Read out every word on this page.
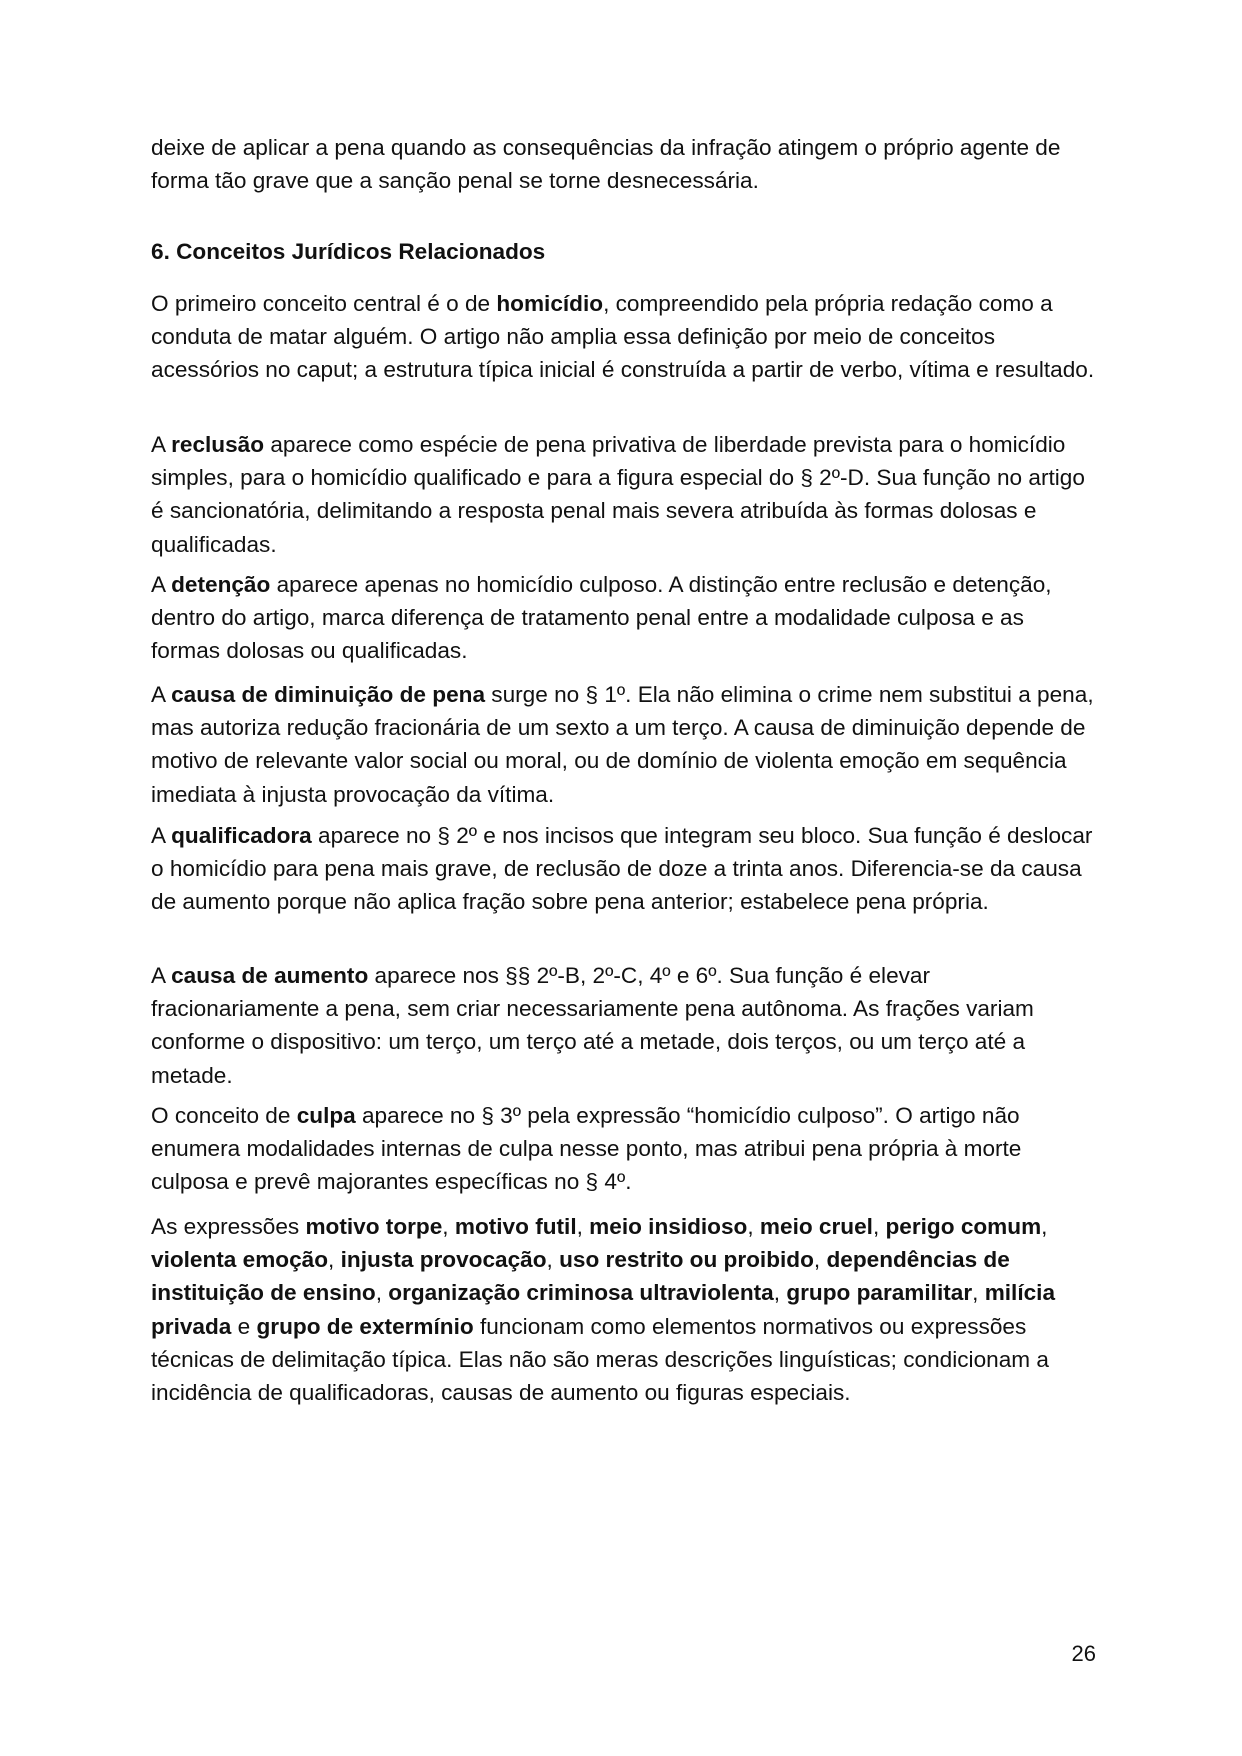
deixe de aplicar a pena quando as consequências da infração atingem o próprio agente de forma tão grave que a sanção penal se torne desnecessária.

6. Conceitos Jurídicos Relacionados

O primeiro conceito central é o de homicídio, compreendido pela própria redação como a conduta de matar alguém. O artigo não amplia essa definição por meio de conceitos acessórios no caput; a estrutura típica inicial é construída a partir de verbo, vítima e resultado.

A reclusão aparece como espécie de pena privativa de liberdade prevista para o homicídio simples, para o homicídio qualificado e para a figura especial do § 2º-D. Sua função no artigo é sancionatória, delimitando a resposta penal mais severa atribuída às formas dolosas e qualificadas.

A detenção aparece apenas no homicídio culposo. A distinção entre reclusão e detenção, dentro do artigo, marca diferença de tratamento penal entre a modalidade culposa e as formas dolosas ou qualificadas.

A causa de diminuição de pena surge no § 1º. Ela não elimina o crime nem substitui a pena, mas autoriza redução fracionária de um sexto a um terço. A causa de diminuição depende de motivo de relevante valor social ou moral, ou de domínio de violenta emoção em sequência imediata à injusta provocação da vítima.

A qualificadora aparece no § 2º e nos incisos que integram seu bloco. Sua função é deslocar o homicídio para pena mais grave, de reclusão de doze a trinta anos. Diferencia-se da causa de aumento porque não aplica fração sobre pena anterior; estabelece pena própria.

A causa de aumento aparece nos §§ 2º-B, 2º-C, 4º e 6º. Sua função é elevar fracionariamente a pena, sem criar necessariamente pena autônoma. As frações variam conforme o dispositivo: um terço, um terço até a metade, dois terços, ou um terço até a metade.

O conceito de culpa aparece no § 3º pela expressão “homicídio culposo”. O artigo não enumera modalidades internas de culpa nesse ponto, mas atribui pena própria à morte culposa e prevê majorantes específicas no § 4º.

As expressões motivo torpe, motivo futil, meio insidioso, meio cruel, perigo comum, violenta emoção, injusta provocação, uso restrito ou proibido, dependências de instituição de ensino, organização criminosa ultraviolenta, grupo paramilitar, milícia privada e grupo de extermínio funcionam como elementos normativos ou expressões técnicas de delimitação típica. Elas não são meras descrições linguísticas; condicionam a incidência de qualificadoras, causas de aumento ou figuras especiais.

26
